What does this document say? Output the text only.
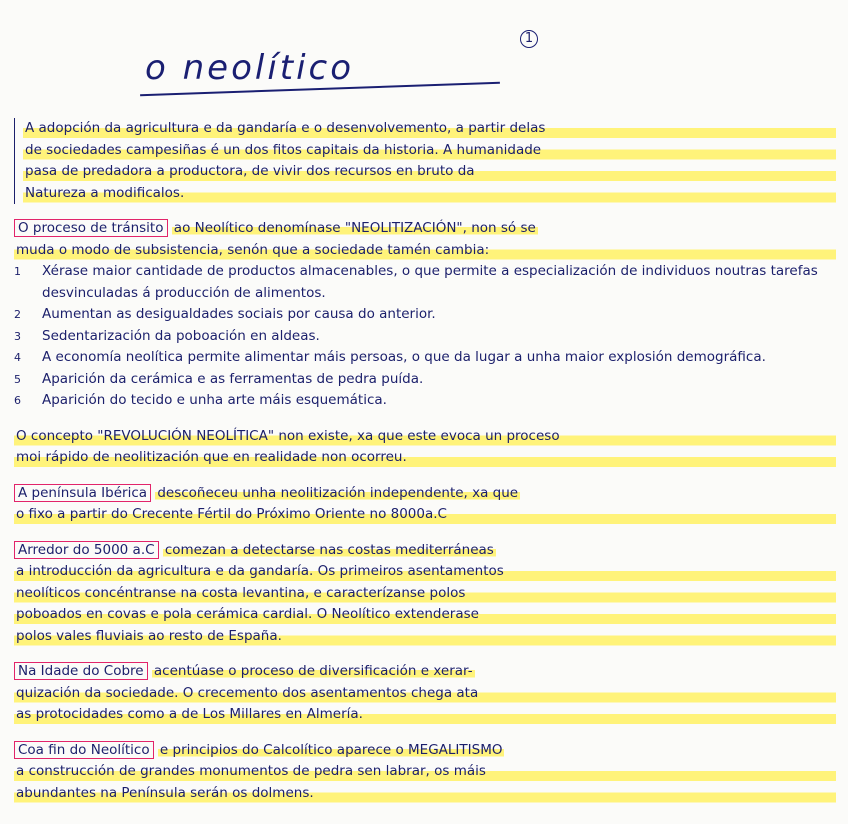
1
o neolítico
A adopción da agricultura e da gandaría e o desenvolvemento, a partir delas
de sociedades campesiñas é un dos fitos capitais da historia. A humanidade
pasa de predadora a productora, de vivir dos recursos en bruto da
Natureza a modificalos.
O proceso de tránsito ao Neolítico denomínase "NEOLITIZACIÓN", non só se
muda o modo de subsistencia, senón que a sociedade tamén cambia:
1 Xérase maior cantidade de productos almacenables, o que permite a especialización de individuos noutras tarefas desvinculadas á producción de alimentos.
2 Aumentan as desigualdades sociais por causa do anterior.
3 Sedentarización da poboación en aldeas.
4 A economía neolítica permite alimentar máis persoas, o que da lugar a unha maior explosión demográfica.
5 Aparición da cerámica e as ferramentas de pedra puída.
6 Aparición do tecido e unha arte máis esquemática.
O concepto "REVOLUCIÓN NEOLÍTICA" non existe, xa que este evoca un proceso
moi rápido de neolitización que en realidade non ocorreu.
A península Ibérica descoñeceu unha neolitización independente, xa que
o fixo a partir do Crecente Fértil do Próximo Oriente no 8000a.C
Arredor do 5000 a.C comezan a detectarse nas costas mediterráneas
a introducción da agricultura e da gandaría. Os primeiros asentamentos
neolíticos concéntranse na costa levantina, e caracterízanse polos
poboados en covas e pola cerámica cardial. O Neolítico extenderase
polos vales fluviais ao resto de España.
Na Idade do Cobre acentúase o proceso de diversificación e xerar-
quización da sociedade. O crecemento dos asentamentos chega ata
as protocidades como a de Los Millares en Almería.
Coa fin do Neolítico e principios do Calcolítico aparece o MEGALITISMO
a construcción de grandes monumentos de pedra sen labrar, os máis
abundantes na Península serán os dolmens.
